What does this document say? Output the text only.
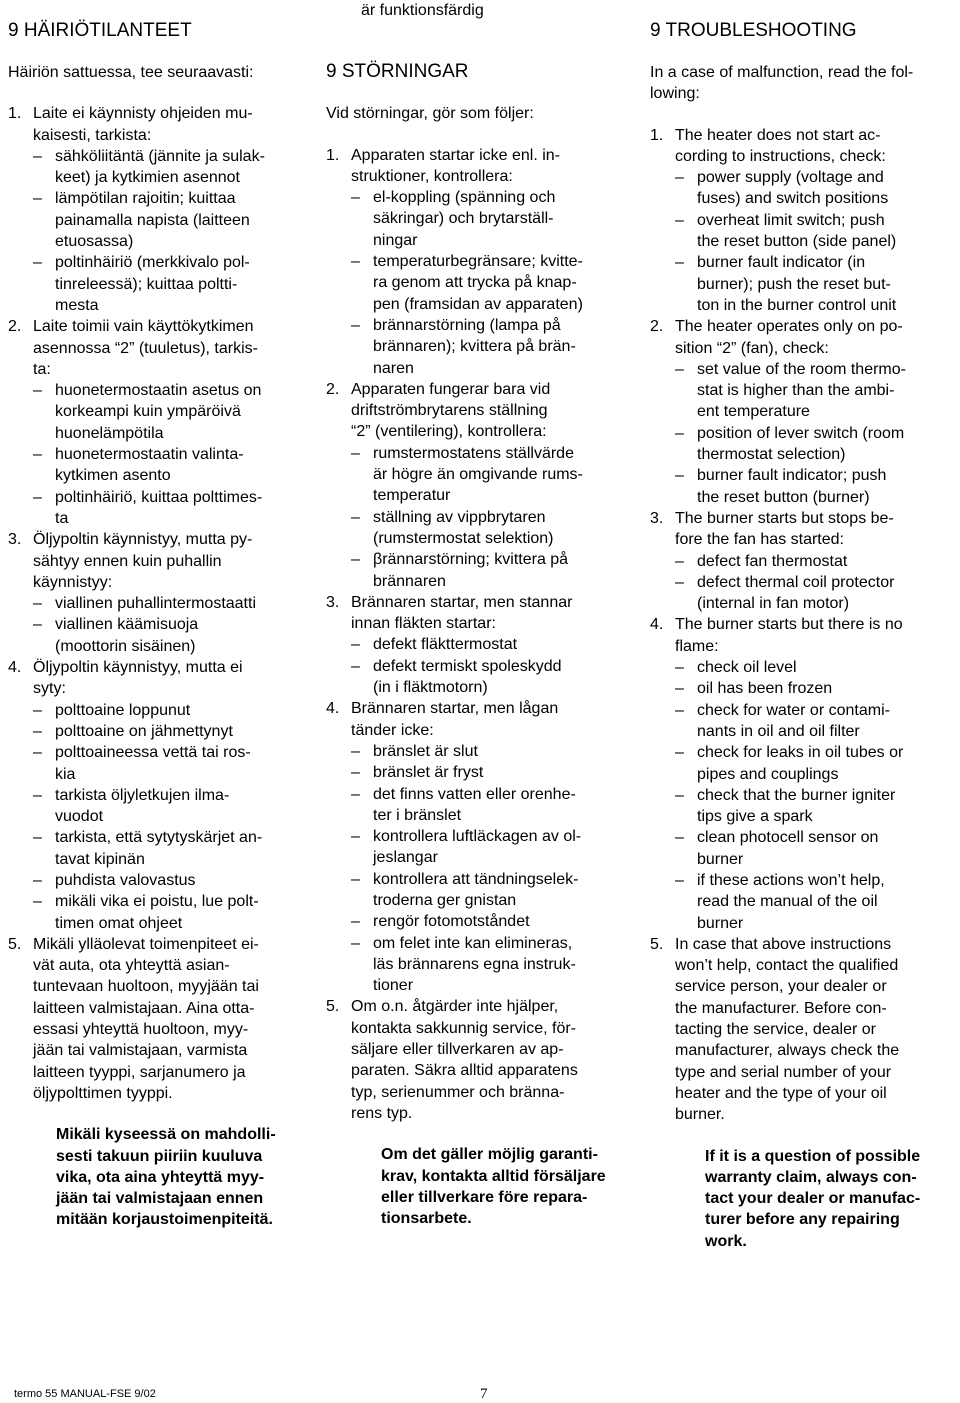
9 HÄIRIÖTILANTEET
Häiriön sattuessa, tee seuraavasti:
1. Laite ei käynnisty ohjeiden mu-
kaisesti, tarkista:
– sähköliitäntä (jännite ja sulak-
keet) ja kytkimien asennot
– lämpötilan rajoitin; kuittaa
painamalla napista (laitteen
etuosassa)
– poltinhäiriö (merkkivalo pol-
tinreleessä); kuittaa poltti-
mesta
2. Laite toimii vain käyttökytkimen
asennossa “2” (tuuletus), tarkis-
ta:
– huonetermostaatin asetus on
korkeampi kuin ympäröivä
huonelämpötila
– huonetermostaatin valinta-
kytkimen asento
– poltinhäiriö, kuittaa polttimes-
ta
3. Öljypoltin käynnistyy, mutta py-
sähtyy ennen kuin puhallin
käynnistyy:
– viallinen puhallintermostaatti
– viallinen käämisuoja
(moottorin sisäinen)
4. Öljypoltin käynnistyy, mutta ei
syty:
– polttoaine loppunut
– polttoaine on jähmettynyt
– polttoaineessa vettä tai ros-
kia
– tarkista öljyletkujen ilma-
vuodot
– tarkista, että sytytyskärjet an-
tavat kipinän
– puhdista valovastus
– mikäli vika ei poistu, lue polt-
timen omat ohjeet
5. Mikäli ylläolevat toimenpiteet ei-
vät auta, ota yhteyttä asian-
tuntevaan huoltoon, myyjään tai
laitteen valmistajaan. Aina otta-
essasi yhteyttä huoltoon, myy-
jään tai valmistajaan, varmista
laitteen tyyppi, sarjanumero ja
öljypolttimen tyyppi.
Mikäli kyseessä on mahdolli-
sesti takuun piiriin kuuluva
vika, ota aina yhteyttä myy-
jään tai valmistajaan ennen
mitään korjaustoimenpiteitä.
är funktionsfärdig
9 STÖRNINGAR
Vid störningar, gör som följer:
1. Apparaten startar icke enl. in-
struktioner, kontrollera:
– el-koppling (spänning och
säkringar) och brytarställ-
ningar
– temperaturbegränsare; kvitte-
ra genom att trycka på knap-
pen (framsidan av apparaten)
– brännarstörning (lampa på
brännaren); kvittera på brän-
naren
2. Apparaten fungerar bara vid
driftströmbrytarens ställning
“2” (ventilering), kontrollera:
– rumstermostatens ställvärde
är högre än omgivande rums-
temperatur
– ställning av vippbrytaren
(rumstermostat selektion)
– βrännarstörning; kvittera på
brännaren
3. Brännaren startar, men stannar
innan fläkten startar:
– defekt fläkttermostat
– defekt termiskt spoleskydd
(in i fläktmotorn)
4. Brännaren startar, men lågan
tänder icke:
– bränslet är slut
– bränslet är fryst
– det finns vatten eller orenhe-
ter i bränslet
– kontrollera luftläckagen av ol-
jeslangar
– kontrollera att tändningselek-
troderna ger gnistan
– rengör fotomotståndet
– om felet inte kan elimineras,
läs brännarens egna instruk-
tioner
5. Om o.n. åtgärder inte hjälper,
kontakta sakkunnig service, för-
säljare eller tillverkaren av ap-
paraten. Säkra alltid apparatens
typ, serienummer och bränna-
rens typ.
Om det gäller möjlig garanti-
krav, kontakta alltid försäljare
eller tillverkare före repara-
tionsarbete.
9 TROUBLESHOOTING
In a case of malfunction, read the fol-
lowing:
1. The heater does not start ac-
cording to instructions, check:
– power supply (voltage and
fuses) and switch positions
– overheat limit switch; push
the reset button (side panel)
– burner fault indicator (in
burner); push the reset but-
ton in the burner control unit
2. The heater operates only on po-
sition “2” (fan), check:
– set value of the room thermo-
stat is higher than the ambi-
ent temperature
– position of lever switch (room
thermostat selection)
– burner fault indicator; push
the reset button (burner)
3. The burner starts but stops be-
fore the fan has started:
– defect fan thermostat
– defect thermal coil protector
(internal in fan motor)
4. The burner starts but there is no
flame:
– check oil level
– oil has been frozen
– check for water or contami-
nants in oil and oil filter
– check for leaks in oil tubes or
pipes and couplings
– check that the burner igniter
tips give a spark
– clean photocell sensor on
burner
– if these actions won’t help,
read the manual of the oil
burner
5. In case that above instructions
won’t help, contact the qualified
service person, your dealer or
the manufacturer. Before con-
tacting the service, dealer or
manufacturer, always check the
type and serial number of your
heater and the type of your oil
burner.
If it is a question of possible
warranty claim, always con-
tact your dealer or manufac-
turer before any repairing
work.
termo 55 MANUAL-FSE 9/02	7
